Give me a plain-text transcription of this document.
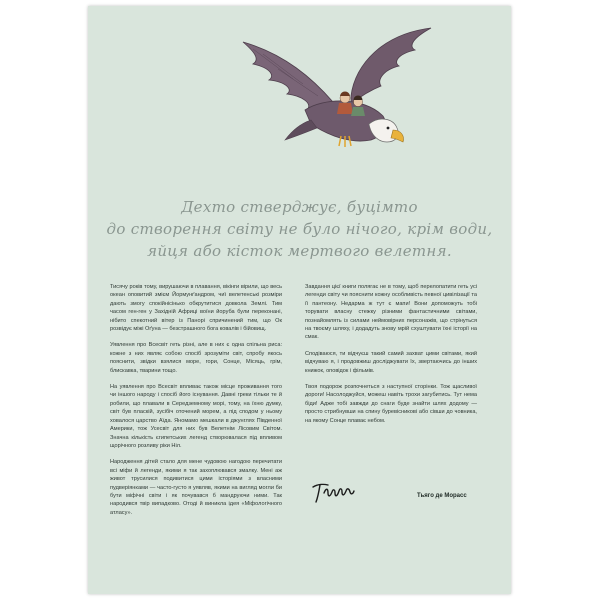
Дехто стверджує, буцімто
до створення світу не було нічого, крім води,
яйця або кісток мертвого велетня.

Тисячу років тому, вирушаючи в плавання, вікінги вірили, що весь океан оповитий змієм Йормунґандром, чиї велетенські розміри дають змогу спокійнісінько обкрутитися довкола Землі. Тим часом ген-ген у Західній Африці воїни йоруба були переконані, нібито спекотний вітер із Панорі спричинений тим, що Ок розвідує міжі Оґуна — безстрашного бога ковалів і бійовищ.

Уявлення про Всесвіт геть різні, але в них є одна спільна риса: кожне з них являє собою спосіб зрозуміти світ, спробу якось пояснити, звідки взялися море, гори, Сонце, Місяць, грім, блискавка, тварини тощо.

На уявлення про Всесвіт впливає також місце проживання того чи іншого народу і спосіб його існування. Давні греки тільки те й робили, що плавали в Середземному морі, тому, на їхню думку, світ був пласкій, зусібіч оточений морем, а під сподом у ньому ховалося царство Аїда. Яномамо мешкали в джунглях Південної Америки, тож Усесвіт для них був Велетнім Лісовим Світом. Значна кількість єгипетських легенд створювалася під впливом щорічного розливу ріки Ніл.

Народження дітей стало для мене чудовою нагодою перечитати всі міфи й легенди, якими я так захоплювався змалку. Мені аж живот трусилися подивитися цими історіями з власними пудверіянками — часто-густо я уявляв, якими на вигляд могли би бути міфічні світи і як почувався б мандруючи ними. Так народився твір випадково. Отоді й виникла ідея «Міфологічного атласу».

Завдання цієї книги полягає не в тому, щоб перелопатити геть усі легенди світу чи пояснити кожну особливість певної цивілізації та її пантеону. Недарма ж тут є мапи! Вони допоможуть тобі торувати власну стежку різними фантастичними світами, познайомлять із силами неймовірних персонажів, що стрінуться на твоєму шляху, і додадуть знову мрій схуштувати їхні історії на смак.

Сподіваюся, ти відчуєш такий самий захват цими світами, який відчуваю я, і продовжиш досліджувати їх, звертаючись до інших книжок, оповідок і фільмів.

Твоя подорож розпочнеться з наступної сторінки. Тож щасливої дороги! Насолоджуйся, можеш навіть трохи загубитись. Тут нема біди! Адже тобі завжди до снаги буде знайти шлях додому — просто стрибнувши на спину буревісникові або сівши до човника, на якому Сонце плаває небом.

Тьяго де Морасс
